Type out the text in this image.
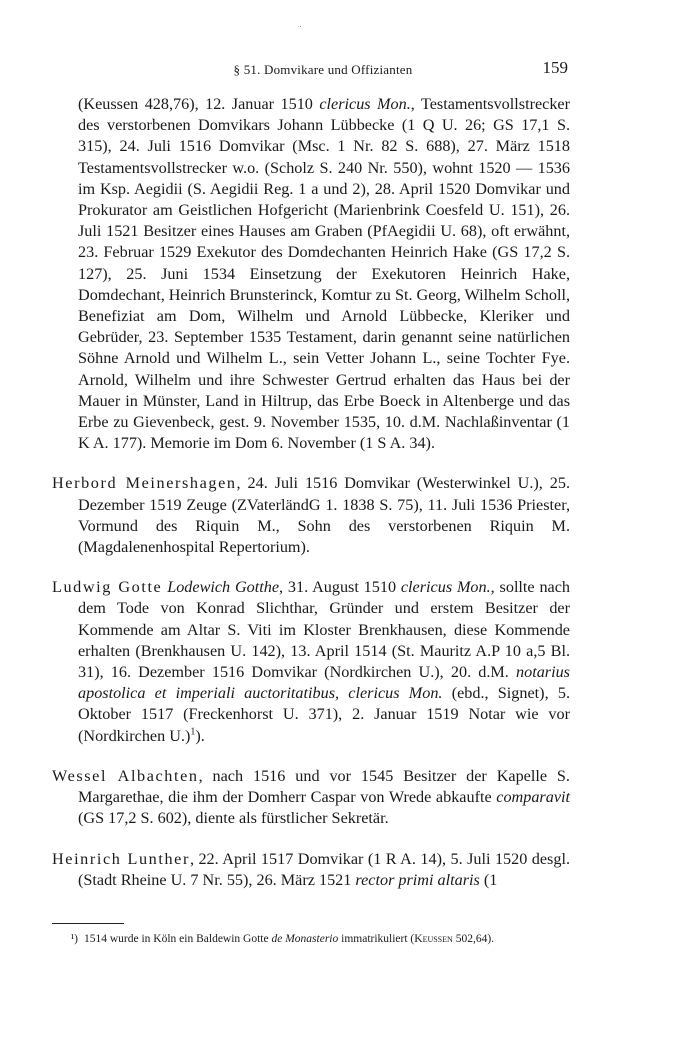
§ 51. Domvikare und Offizianten	159
(Keussen 428,76), 12. Januar 1510 clericus Mon., Testamentsvollstrecker des verstorbenen Domvikars Johann Lübbecke (1 Q U. 26; GS 17,1 S. 315), 24. Juli 1516 Domvikar (Msc. 1 Nr. 82 S. 688), 27. März 1518 Testamentsvollstrecker w.o. (Scholz S. 240 Nr. 550), wohnt 1520 — 1536 im Ksp. Aegidii (S. Aegidii Reg. 1 a und 2), 28. April 1520 Domvikar und Prokurator am Geistlichen Hofgericht (Marienbrink Coesfeld U. 151), 26. Juli 1521 Besitzer eines Hauses am Graben (PfAegidii U. 68), oft erwähnt, 23. Februar 1529 Exekutor des Domdechanten Heinrich Hake (GS 17,2 S. 127), 25. Juni 1534 Einsetzung der Exekutoren Heinrich Hake, Domdechant, Heinrich Brunsterinck, Komtur zu St. Georg, Wilhelm Scholl, Benefiziat am Dom, Wilhelm und Arnold Lübbecke, Kleriker und Gebrüder, 23. September 1535 Testament, darin genannt seine natürlichen Söhne Arnold und Wilhelm L., sein Vetter Johann L., seine Tochter Fye. Arnold, Wilhelm und ihre Schwester Gertrud erhalten das Haus bei der Mauer in Münster, Land in Hiltrup, das Erbe Boeck in Altenberge und das Erbe zu Gievenbeck, gest. 9. November 1535, 10. d.M. Nachlaßinventar (1 K A. 177). Memorie im Dom 6. November (1 S A. 34).
Herbord Meinershagen, 24. Juli 1516 Domvikar (Westerwinkel U.), 25. Dezember 1519 Zeuge (ZVaterländG 1. 1838 S. 75), 11. Juli 1536 Priester, Vormund des Riquin M., Sohn des verstorbenen Riquin M. (Magdalenenhospital Repertorium).
Ludwig Gotte Lodewich Gotthe, 31. August 1510 clericus Mon., sollte nach dem Tode von Konrad Slichthar, Gründer und erstem Besitzer der Kommende am Altar S. Viti im Kloster Brenkhausen, diese Kommende erhalten (Brenkhausen U. 142), 13. April 1514 (St. Mauritz A.P 10 a,5 Bl. 31), 16. Dezember 1516 Domvikar (Nordkirchen U.), 20. d.M. notarius apostolica et imperiali auctoritatibus, clericus Mon. (ebd., Signet), 5. Oktober 1517 (Freckenhorst U. 371), 2. Januar 1519 Notar wie vor (Nordkirchen U.)$^1$).
Wessel Albachten, nach 1516 und vor 1545 Besitzer der Kapelle S. Margarethae, die ihm der Domherr Caspar von Wrede abkaufte comparavit (GS 17,2 S. 602), diente als fürstlicher Sekretär.
Heinrich Lunther, 22. April 1517 Domvikar (1 R A. 14), 5. Juli 1520 desgl. (Stadt Rheine U. 7 Nr. 55), 26. März 1521 rector primi altaris (1
¹) 1514 wurde in Köln ein Baldewin Gotte de Monasterio immatrikuliert (Keussen 502,64).
